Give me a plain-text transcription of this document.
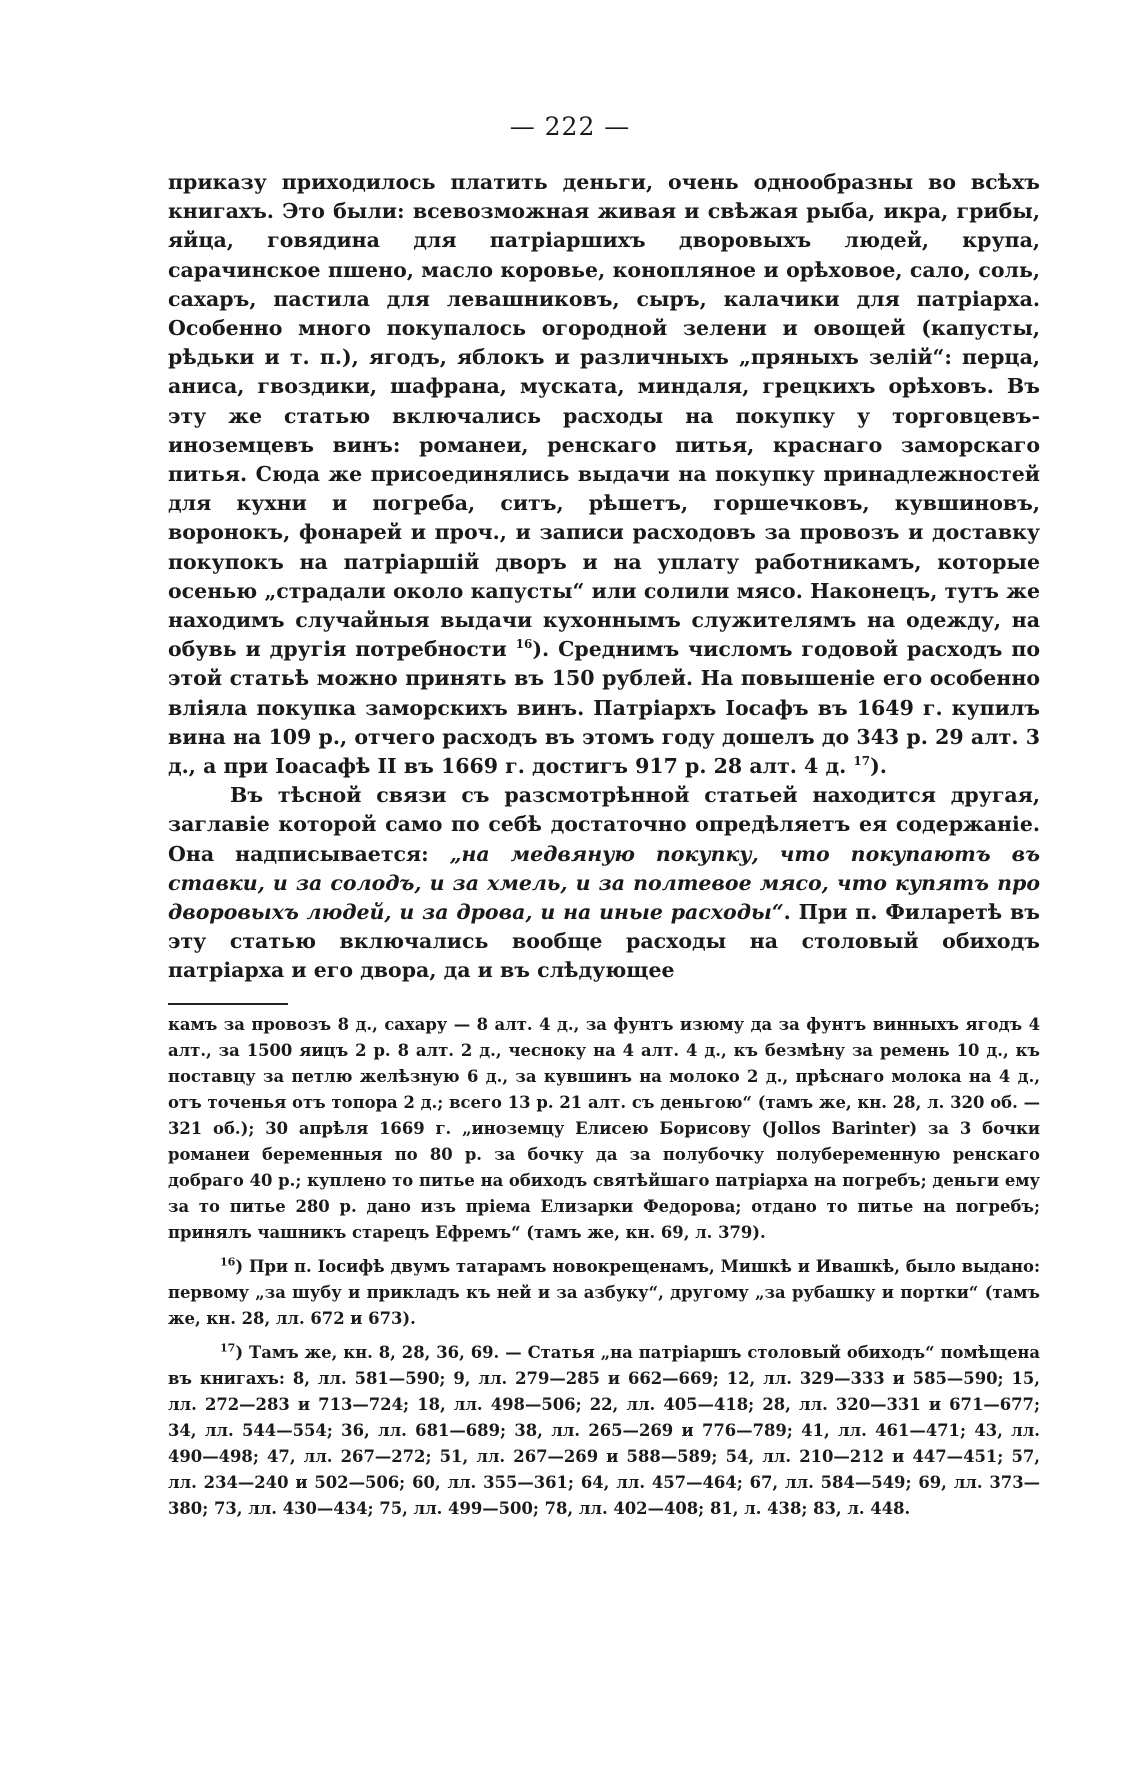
— 222 —

приказу приходилось платить деньги, очень однообразны во всѣхъ книгахъ. Это были: всевозможная живая и свѣжая рыба, икра, грибы, яйца, говядина для патріаршихъ дворовыхъ людей, крупа, сарачинское пшено, масло коровье, конопляное и орѣховое, сало, соль, сахаръ, пастила для левашниковъ, сыръ, калачики для патріарха. Особенно много покупалось огородной зелени и овощей (капусты, рѣдьки и т. п.), ягодъ, яблокъ и различныхъ „пряныхъ зелій“: перца, аниса, гвоздики, шафрана, муската, миндаля, грецкихъ орѣховъ. Въ эту же статью включались расходы на покупку у торговцевъ-иноземцевъ винъ: романеи, ренскаго питья, краснаго заморскаго питья. Сюда же присоединялись выдачи на покупку принадлежностей для кухни и погреба, ситъ, рѣшетъ, горшечковъ, кувшиновъ, воронокъ, фонарей и проч., и записи расходовъ за провозъ и доставку покупокъ на патріаршій дворъ и на уплату работникамъ, которые осенью „страдали около капусты“ или солили мясо. Наконецъ, тутъ же находимъ случайныя выдачи кухоннымъ служителямъ на одежду, на обувь и другія потребности $^{16}$). Среднимъ числомъ годовой расходъ по этой статьѣ можно принять въ 150 рублей. На повышеніе его особенно вліяла покупка заморскихъ винъ. Патріархъ Іосафъ въ 1649 г. купилъ вина на 109 р., отчего расходъ въ этомъ году дошелъ до 343 р. 29 алт. 3 д., а при Іоасафѣ II въ 1669 г. достигъ 917 р. 28 алт. 4 д. $^{17}$).

Въ тѣсной связи съ разсмотрѣнной статьей находится другая, заглавіе которой само по себѣ достаточно опредѣляетъ ея содержаніе. Она надписывается: „на медвяную покупку, что покупаютъ въ ставки, и за солодъ, и за хмель, и за полтевое мясо, что купятъ про дворовыхъ людей, и за дрова, и на иные расходы“. При п. Филаретѣ въ эту статью включались вообще расходы на столовый обиходъ патріарха и его двора, да и въ слѣдующее

камъ за провозъ 8 д., сахару — 8 алт. 4 д., за фунтъ изюму да за фунтъ винныхъ ягодъ 4 алт., за 1500 яицъ 2 р. 8 алт. 2 д., чесноку на 4 алт. 4 д., къ безмѣну за ремень 10 д., къ поставцу за петлю желѣзную 6 д., за кувшинъ на молоко 2 д., прѣснаго молока на 4 д., отъ точенья отъ топора 2 д.; всего 13 р. 21 алт. съ деньгою“ (тамъ же, кн. 28, л. 320 об. — 321 об.); 30 апрѣля 1669 г. „иноземцу Елисею Борисову (Jollos Barinter) за 3 бочки романеи беременныя по 80 р. за бочку да за полубочку полубеременную ренскаго добраго 40 р.; куплено то питье на обиходъ святѣйшаго патріарха на погребъ; деньги ему за то питье 280 р. дано изъ пріема Елизарки Федорова; отдано то питье на погребъ; принялъ чашникъ старецъ Ефремъ“ (тамъ же, кн. 69, л. 379).

$^{16}$) При п. Іосифѣ двумъ татарамъ новокрещенамъ, Мишкѣ и Ивашкѣ, было выдано: первому „за шубу и прикладъ къ ней и за азбуку“, другому „за рубашку и портки“ (тамъ же, кн. 28, лл. 672 и 673).

$^{17}$) Тамъ же, кн. 8, 28, 36, 69. — Статья „на патріаршъ столовый обиходъ“ помѣщена въ книгахъ: 8, лл. 581—590; 9, лл. 279—285 и 662—669; 12, лл. 329—333 и 585—590; 15, лл. 272—283 и 713—724; 18, лл. 498—506; 22, лл. 405—418; 28, лл. 320—331 и 671—677; 34, лл. 544—554; 36, лл. 681—689; 38, лл. 265—269 и 776—789; 41, лл. 461—471; 43, лл. 490—498; 47, лл. 267—272; 51, лл. 267—269 и 588—589; 54, лл. 210—212 и 447—451; 57, лл. 234—240 и 502—506; 60, лл. 355—361; 64, лл. 457—464; 67, лл. 584—549; 69, лл. 373—380; 73, лл. 430—434; 75, лл. 499—500; 78, лл. 402—408; 81, л. 438; 83, л. 448.
